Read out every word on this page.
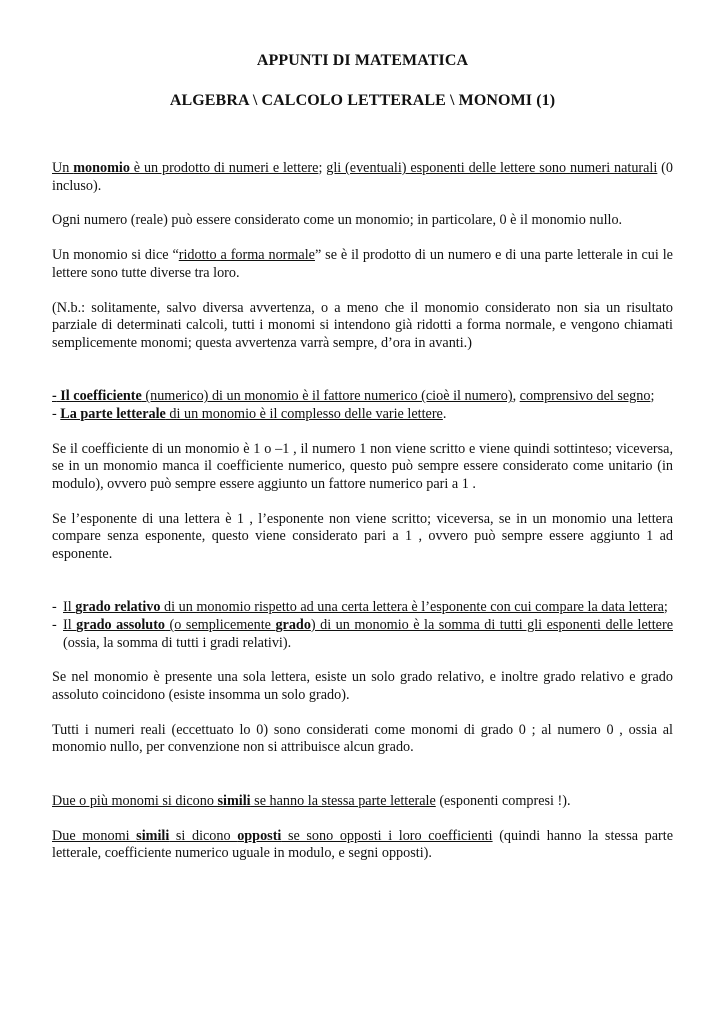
APPUNTI DI MATEMATICA
ALGEBRA \ CALCOLO LETTERALE \ MONOMI (1)

Un monomio è un prodotto di numeri e lettere; gli (eventuali) esponenti delle lettere sono numeri naturali (0 incluso).

Ogni numero (reale) può essere considerato come un monomio; in particolare, 0 è il monomio nullo.

Un monomio si dice “ridotto a forma normale” se è il prodotto di un numero e di una parte letterale in cui le lettere sono tutte diverse tra loro.

(N.b.: solitamente, salvo diversa avvertenza, o a meno che il monomio considerato non sia un risultato parziale di determinati calcoli, tutti i monomi si intendono già ridotti a forma normale, e vengono chiamati semplicemente monomi; questa avvertenza varrà sempre, d’ora in avanti.)

- Il coefficiente (numerico) di un monomio è il fattore numerico (cioè il numero), comprensivo del segno;

- La parte letterale di un monomio è il complesso delle varie lettere.

Se il coefficiente di un monomio è 1 o –1 , il numero 1 non viene scritto e viene quindi sottinteso; viceversa, se in un monomio manca il coefficiente numerico, questo può sempre essere considerato come unitario (in modulo), ovvero può sempre essere aggiunto un fattore numerico pari a 1 .

Se l’esponente di una lettera è 1 , l’esponente non viene scritto; viceversa, se in un monomio una lettera compare senza esponente, questo viene considerato pari a 1 , ovvero può sempre essere aggiunto 1 ad esponente.

- Il grado relativo di un monomio rispetto ad una certa lettera è l’esponente con cui compare la data lettera;
- Il grado assoluto (o semplicemente grado) di un monomio è la somma di tutti gli esponenti delle lettere (ossia, la somma di tutti i gradi relativi).

Se nel monomio è presente una sola lettera, esiste un solo grado relativo, e inoltre grado relativo e grado assoluto coincidono (esiste insomma un solo grado).

Tutti i numeri reali (eccettuato lo 0) sono considerati come monomi di grado 0 ; al numero 0 , ossia al monomio nullo, per convenzione non si attribuisce alcun grado.

Due o più monomi si dicono simili se hanno la stessa parte letterale (esponenti compresi !).

Due monomi simili si dicono opposti se sono opposti i loro coefficienti (quindi hanno la stessa parte letterale, coefficiente numerico uguale in modulo, e segni opposti).
